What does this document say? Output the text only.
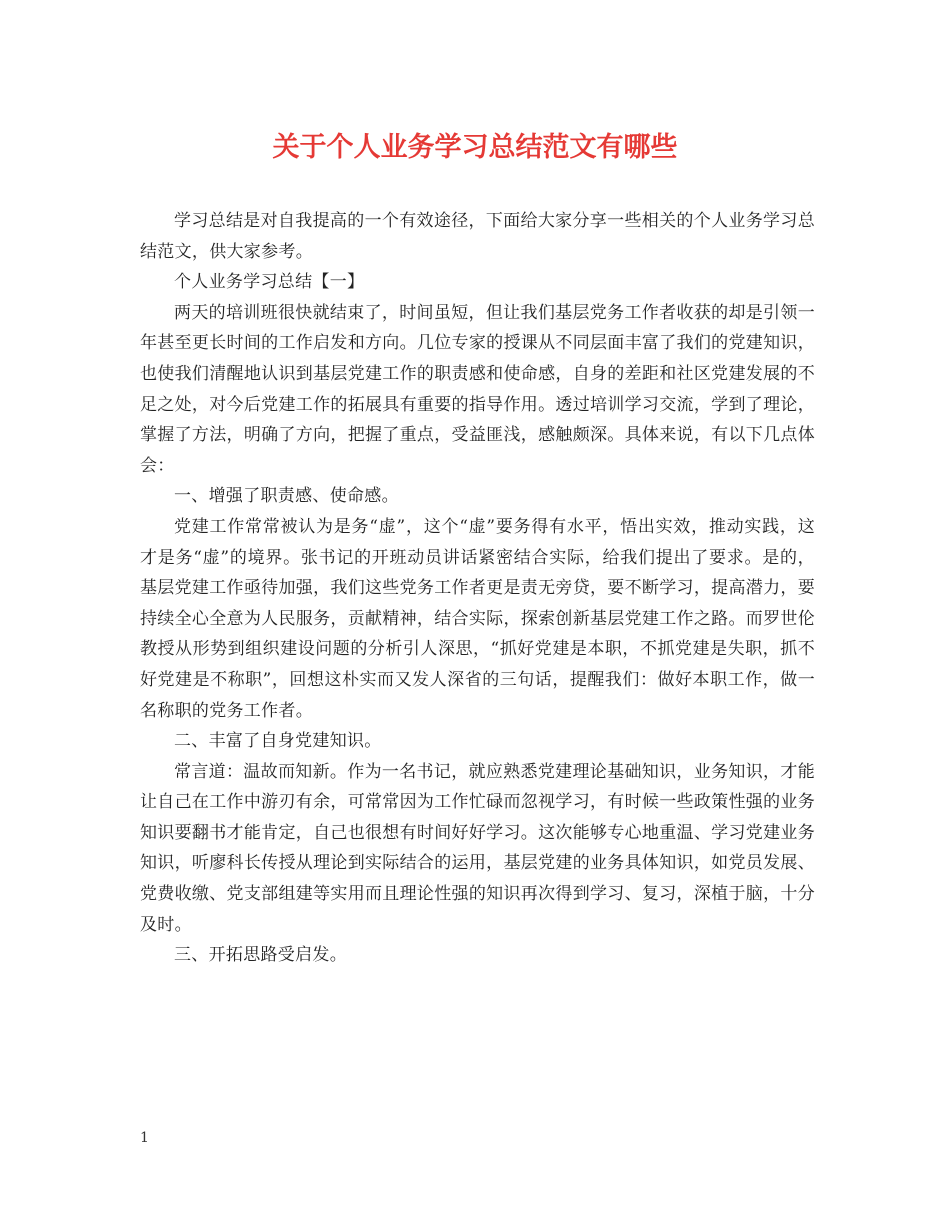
关于个人业务学习总结范文有哪些

学习总结是对自我提高的一个有效途径，下面给大家分享一些相关的个人业务学习总结范文，供大家参考。

个人业务学习总结【一】

两天的培训班很快就结束了，时间虽短，但让我们基层党务工作者收获的却是引领一年甚至更长时间的工作启发和方向。几位专家的授课从不同层面丰富了我们的党建知识，也使我们清醒地认识到基层党建工作的职责感和使命感，自身的差距和社区党建发展的不足之处，对今后党建工作的拓展具有重要的指导作用。透过培训学习交流，学到了理论，掌握了方法，明确了方向，把握了重点，受益匪浅，感触颇深。具体来说，有以下几点体会：

一、增强了职责感、使命感。

党建工作常常被认为是务“虚”，这个“虚”要务得有水平，悟出实效，推动实践，这才是务“虚”的境界。张书记的开班动员讲话紧密结合实际，给我们提出了要求。是的，基层党建工作亟待加强，我们这些党务工作者更是责无旁贷，要不断学习，提高潜力，要持续全心全意为人民服务，贡献精神，结合实际，探索创新基层党建工作之路。而罗世伦教授从形势到组织建设问题的分析引人深思，“抓好党建是本职，不抓党建是失职，抓不好党建是不称职”，回想这朴实而又发人深省的三句话，提醒我们：做好本职工作，做一名称职的党务工作者。

二、丰富了自身党建知识。

常言道：温故而知新。作为一名书记，就应熟悉党建理论基础知识，业务知识，才能让自己在工作中游刃有余，可常常因为工作忙碌而忽视学习，有时候一些政策性强的业务知识要翻书才能肯定，自己也很想有时间好好学习。这次能够专心地重温、学习党建业务知识，听廖科长传授从理论到实际结合的运用，基层党建的业务具体知识，如党员发展、党费收缴、党支部组建等实用而且理论性强的知识再次得到学习、复习，深植于脑，十分及时。

三、开拓思路受启发。

1
